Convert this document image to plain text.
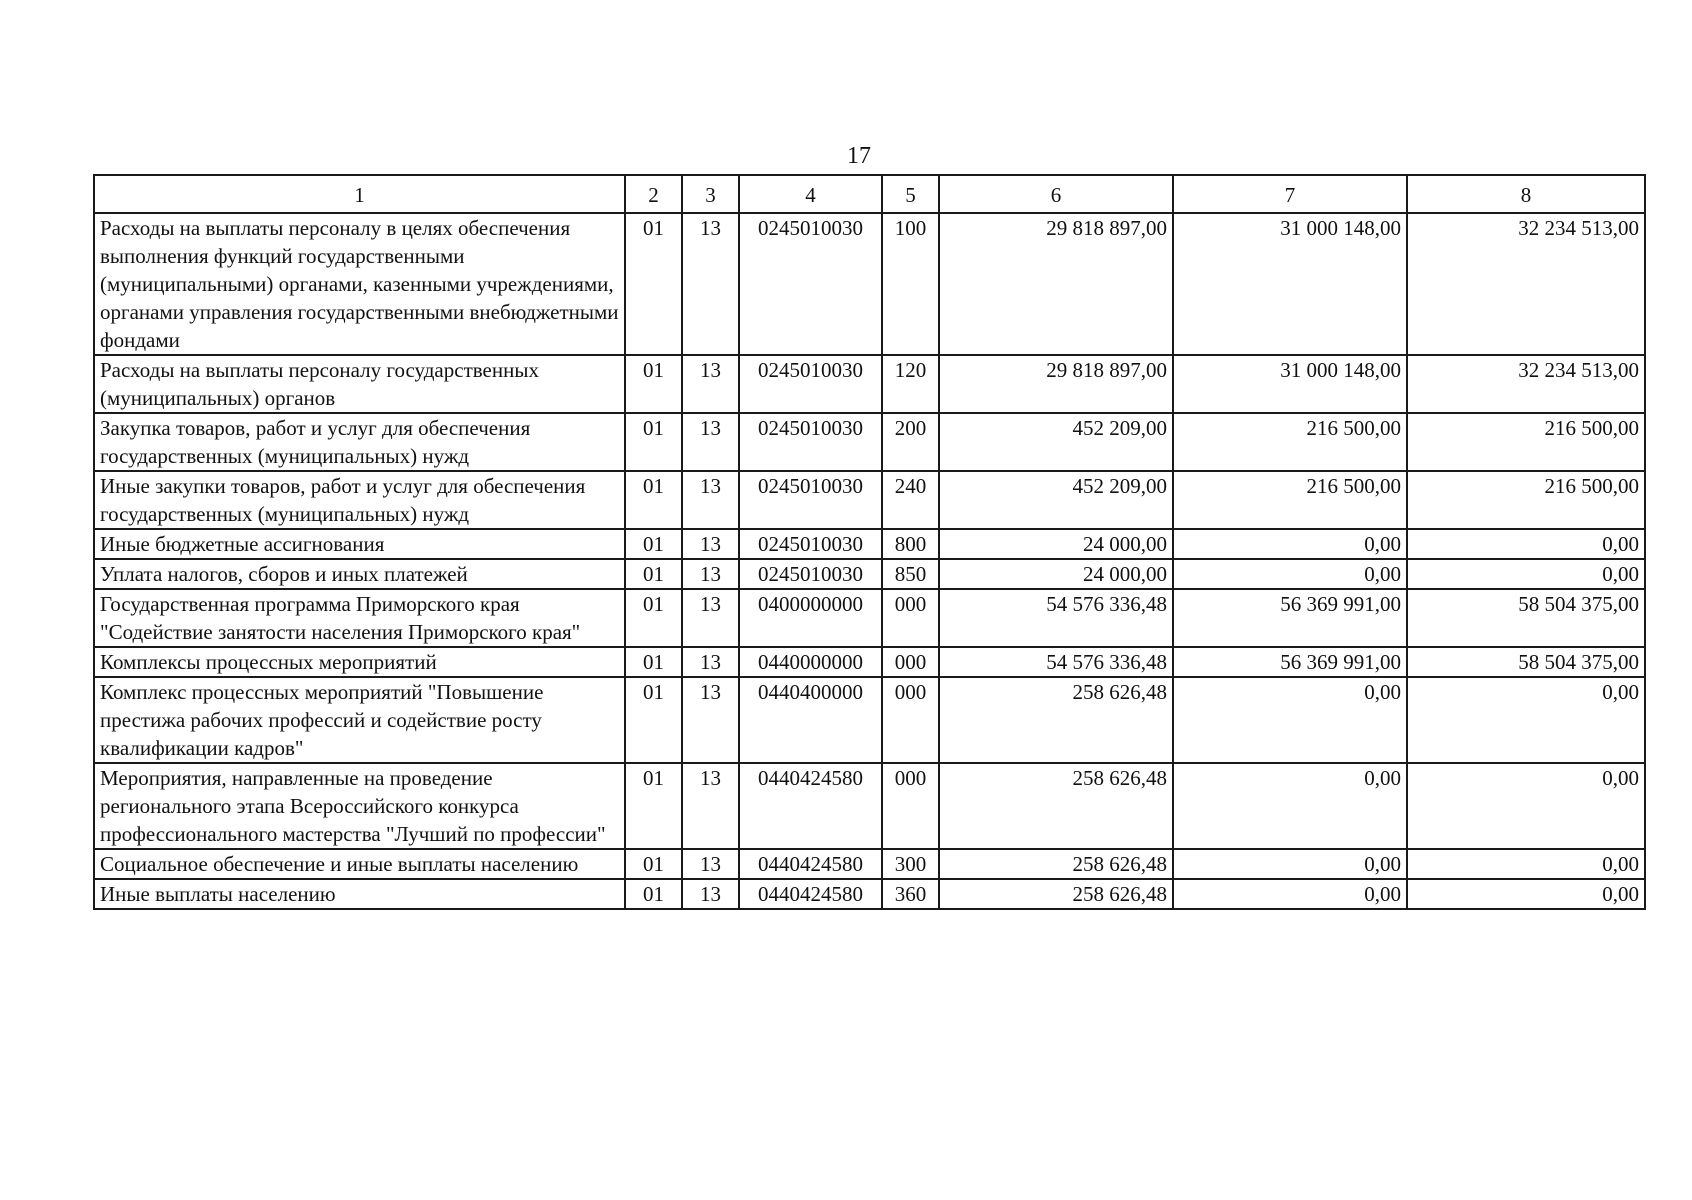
17
1	2	3	4	5	6	7	8
Расходы на выплаты персоналу в целях обеспечения выполнения функций государственными (муниципальными) органами, казенными учреждениями, органами управления государственными внебюджетными фондами	01	13	0245010030	100	29 818 897,00	31 000 148,00	32 234 513,00
Расходы на выплаты персоналу государственных (муниципальных) органов	01	13	0245010030	120	29 818 897,00	31 000 148,00	32 234 513,00
Закупка товаров, работ и услуг для обеспечения государственных (муниципальных) нужд	01	13	0245010030	200	452 209,00	216 500,00	216 500,00
Иные закупки товаров, работ и услуг для обеспечения государственных (муниципальных) нужд	01	13	0245010030	240	452 209,00	216 500,00	216 500,00
Иные бюджетные ассигнования	01	13	0245010030	800	24 000,00	0,00	0,00
Уплата налогов, сборов и иных платежей	01	13	0245010030	850	24 000,00	0,00	0,00
Государственная программа Приморского края "Содействие занятости населения Приморского края"	01	13	0400000000	000	54 576 336,48	56 369 991,00	58 504 375,00
Комплексы процессных мероприятий	01	13	0440000000	000	54 576 336,48	56 369 991,00	58 504 375,00
Комплекс процессных мероприятий "Повышение престижа рабочих профессий и содействие росту квалификации кадров"	01	13	0440400000	000	258 626,48	0,00	0,00
Мероприятия, направленные на проведение регионального этапа Всероссийского конкурса профессионального мастерства "Лучший по профессии"	01	13	0440424580	000	258 626,48	0,00	0,00
Социальное обеспечение и иные выплаты населению	01	13	0440424580	300	258 626,48	0,00	0,00
Иные выплаты населению	01	13	0440424580	360	258 626,48	0,00	0,00
